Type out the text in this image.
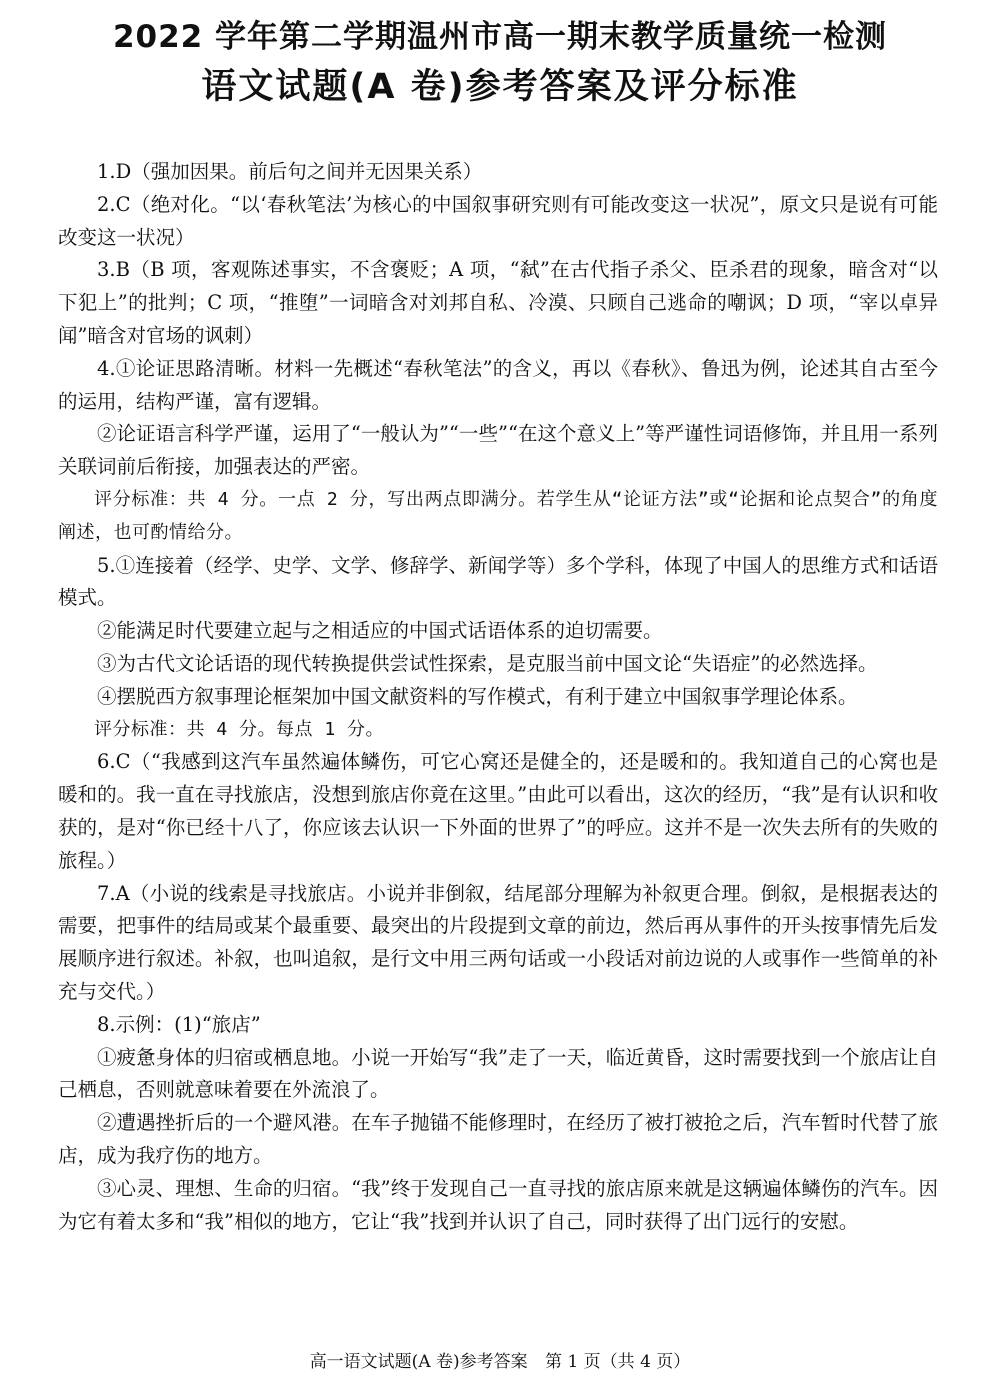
2022 学年第二学期温州市高一期末教学质量统一检测
语文试题(A 卷)参考答案及评分标准

1.D（强加因果。前后句之间并无因果关系）

2.C（绝对化。“以‘春秋笔法’为核心的中国叙事研究则有可能改变这一状况”，原文只是说有可能改变这一状况）

3.B（B 项，客观陈述事实，不含褒贬；A 项，“弑”在古代指子杀父、臣杀君的现象，暗含对“以下犯上”的批判；C 项，“推堕”一词暗含对刘邦自私、冷漠、只顾自己逃命的嘲讽；D 项，“宰以卓异闻”暗含对官场的讽刺）

4.①论证思路清晰。材料一先概述“春秋笔法”的含义，再以《春秋》、鲁迅为例，论述其自古至今的运用，结构严谨，富有逻辑。

②论证语言科学严谨，运用了“一般认为”“一些”“在这个意义上”等严谨性词语修饰，并且用一系列关联词前后衔接，加强表达的严密。

评分标准：共 4 分。一点 2 分，写出两点即满分。若学生从“论证方法”或“论据和论点契合”的角度阐述，也可酌情给分。

5.①连接着（经学、史学、文学、修辞学、新闻学等）多个学科，体现了中国人的思维方式和话语模式。

②能满足时代要建立起与之相适应的中国式话语体系的迫切需要。

③为古代文论话语的现代转换提供尝试性探索，是克服当前中国文论“失语症”的必然选择。

④摆脱西方叙事理论框架加中国文献资料的写作模式，有利于建立中国叙事学理论体系。

评分标准：共 4 分。每点 1 分。

6.C（“我感到这汽车虽然遍体鳞伤，可它心窝还是健全的，还是暖和的。我知道自己的心窝也是暖和的。我一直在寻找旅店，没想到旅店你竟在这里。”由此可以看出，这次的经历，“我”是有认识和收获的，是对“你已经十八了，你应该去认识一下外面的世界了”的呼应。这并不是一次失去所有的失败的旅程。）

7.A（小说的线索是寻找旅店。小说并非倒叙，结尾部分理解为补叙更合理。倒叙，是根据表达的需要，把事件的结局或某个最重要、最突出的片段提到文章的前边，然后再从事件的开头按事情先后发展顺序进行叙述。补叙，也叫追叙，是行文中用三两句话或一小段话对前边说的人或事作一些简单的补充与交代。）

8.示例：(1)“旅店”

①疲惫身体的归宿或栖息地。小说一开始写“我”走了一天，临近黄昏，这时需要找到一个旅店让自己栖息，否则就意味着要在外流浪了。

②遭遇挫折后的一个避风港。在车子抛锚不能修理时，在经历了被打被抢之后，汽车暂时代替了旅店，成为我疗伤的地方。

③心灵、理想、生命的归宿。“我”终于发现自己一直寻找的旅店原来就是这辆遍体鳞伤的汽车。因为它有着太多和“我”相似的地方，它让“我”找到并认识了自己，同时获得了出门远行的安慰。

高一语文试题(A 卷)参考答案 第 1 页（共 4 页）
